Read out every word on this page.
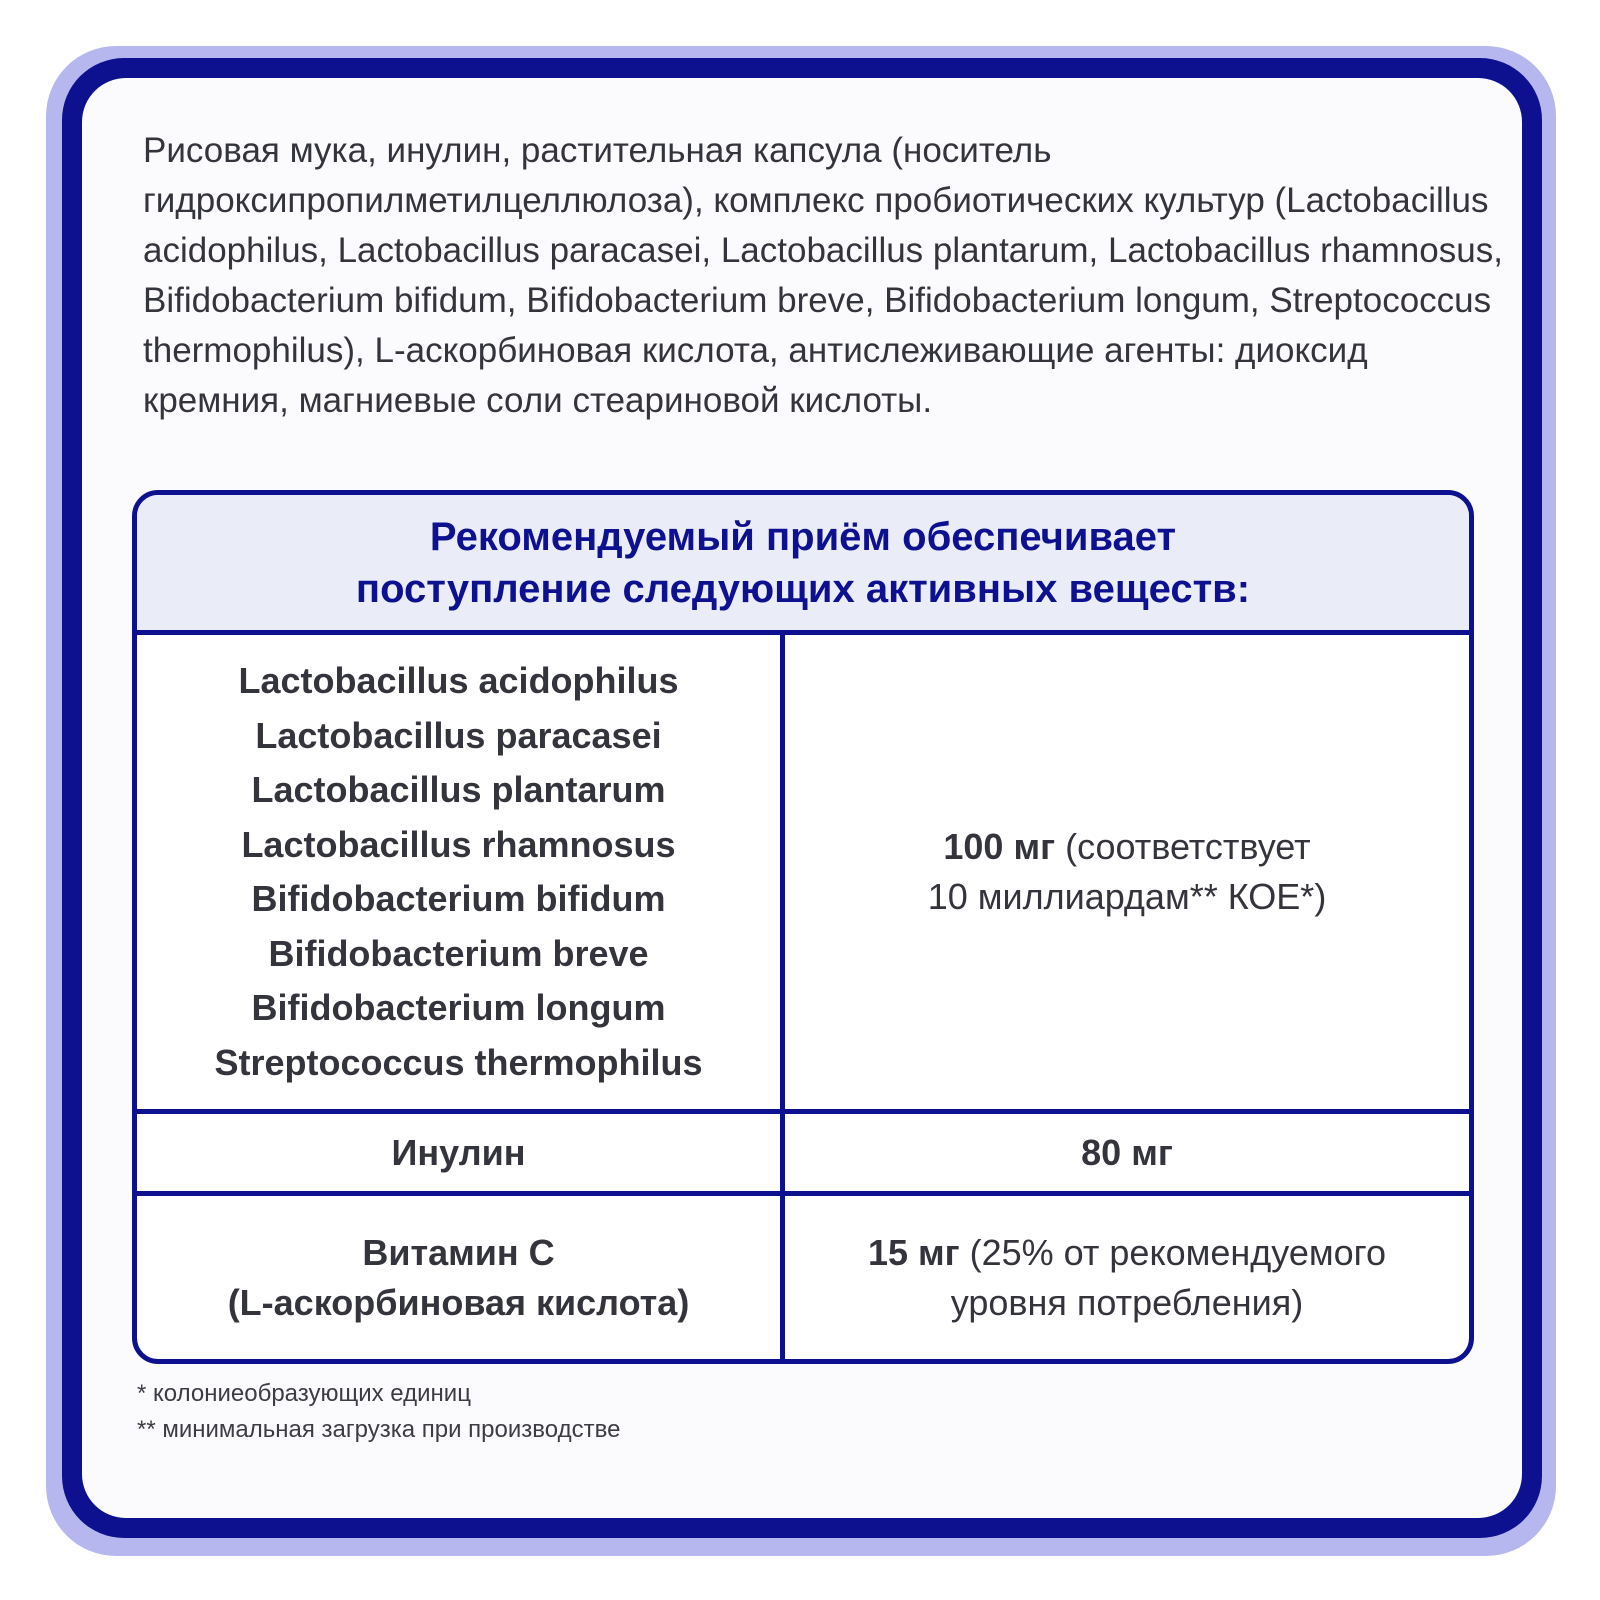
Рисовая мука, инулин, растительная капсула (носитель гидроксипропилметилцеллюлоза), комплекс пробиотических культур (Lactobacillus acidophilus, Lactobacillus paracasei, Lactobacillus plantarum, Lactobacillus rhamnosus, Bifidobacterium bifidum, Bifidobacterium breve, Bifidobacterium longum, Streptococcus thermophilus), L-аскорбиновая кислота, антислеживающие агенты: диоксид кремния, магниевые соли стеариновой кислоты.

Рекомендуемый приём обеспечивает
поступление следующих активных веществ:
Lactobacillus acidophilus
Lactobacillus paracasei
Lactobacillus plantarum
Lactobacillus rhamnosus
Bifidobacterium bifidum
Bifidobacterium breve
Bifidobacterium longum
Streptococcus thermophilus
100 мг (соответствует
10 миллиардам** КОЕ*)
Инулин	80 мг
Витамин С
(L-аскорбиновая кислота)
15 мг (25% от рекомендуемого
уровня потребления)
* колониеобразующих единиц
** минимальная загрузка при производстве
